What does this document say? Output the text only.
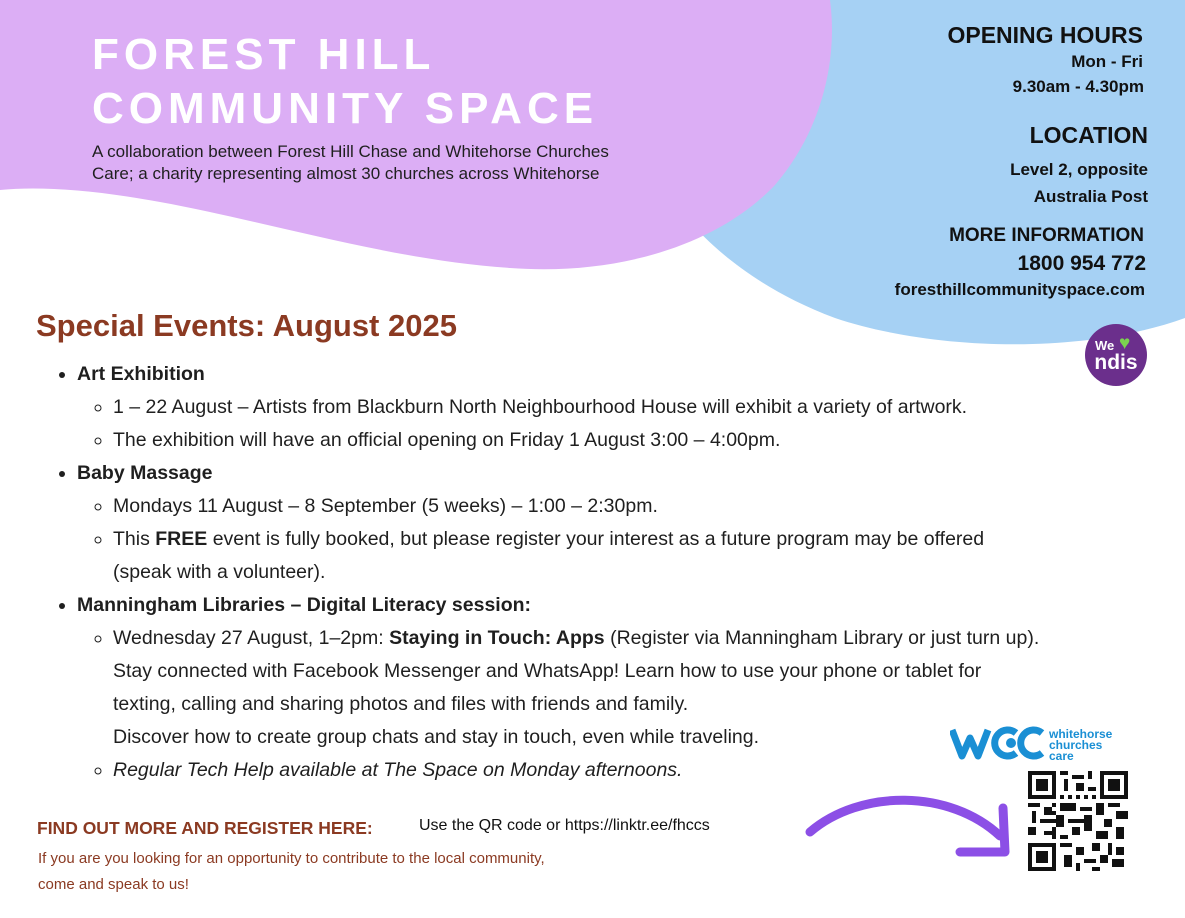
FOREST HILL
COMMUNITY SPACE

A collaboration between Forest Hill Chase and Whitehorse Churches
Care; a charity representing almost 30 churches across Whitehorse

OPENING HOURS
Mon - Fri
9.30am - 4.30pm
LOCATION
Level 2, opposite
Australia Post
MORE INFORMATION
1800 954 772
foresthillcommunityspace.com
We ♥
ndis
Special Events: August 2025
• Art Exhibition
◦ 1 – 22 August – Artists from Blackburn North Neighbourhood House will exhibit a variety of artwork.
◦ The exhibition will have an official opening on Friday 1 August 3:00 – 4:00pm.
• Baby Massage
◦ Mondays 11 August – 8 September (5 weeks) – 1:00 – 2:30pm.
◦ This FREE event is fully booked, but please register your interest as a future program may be offered
(speak with a volunteer).
• Manningham Libraries – Digital Literacy session:
◦ Wednesday 27 August, 1–2pm: Staying in Touch: Apps (Register via Manningham Library or just turn up).
Stay connected with Facebook Messenger and WhatsApp! Learn how to use your phone or tablet for
texting, calling and sharing photos and files with friends and family.
Discover how to create group chats and stay in touch, even while traveling.
◦ Regular Tech Help available at The Space on Monday afternoons.
FIND OUT MORE AND REGISTER HERE:	Use the QR code or https://linktr.ee/fhccs
If you are you looking for an opportunity to contribute to the local community,
come and speak to us!
whitehorse
churches
care
